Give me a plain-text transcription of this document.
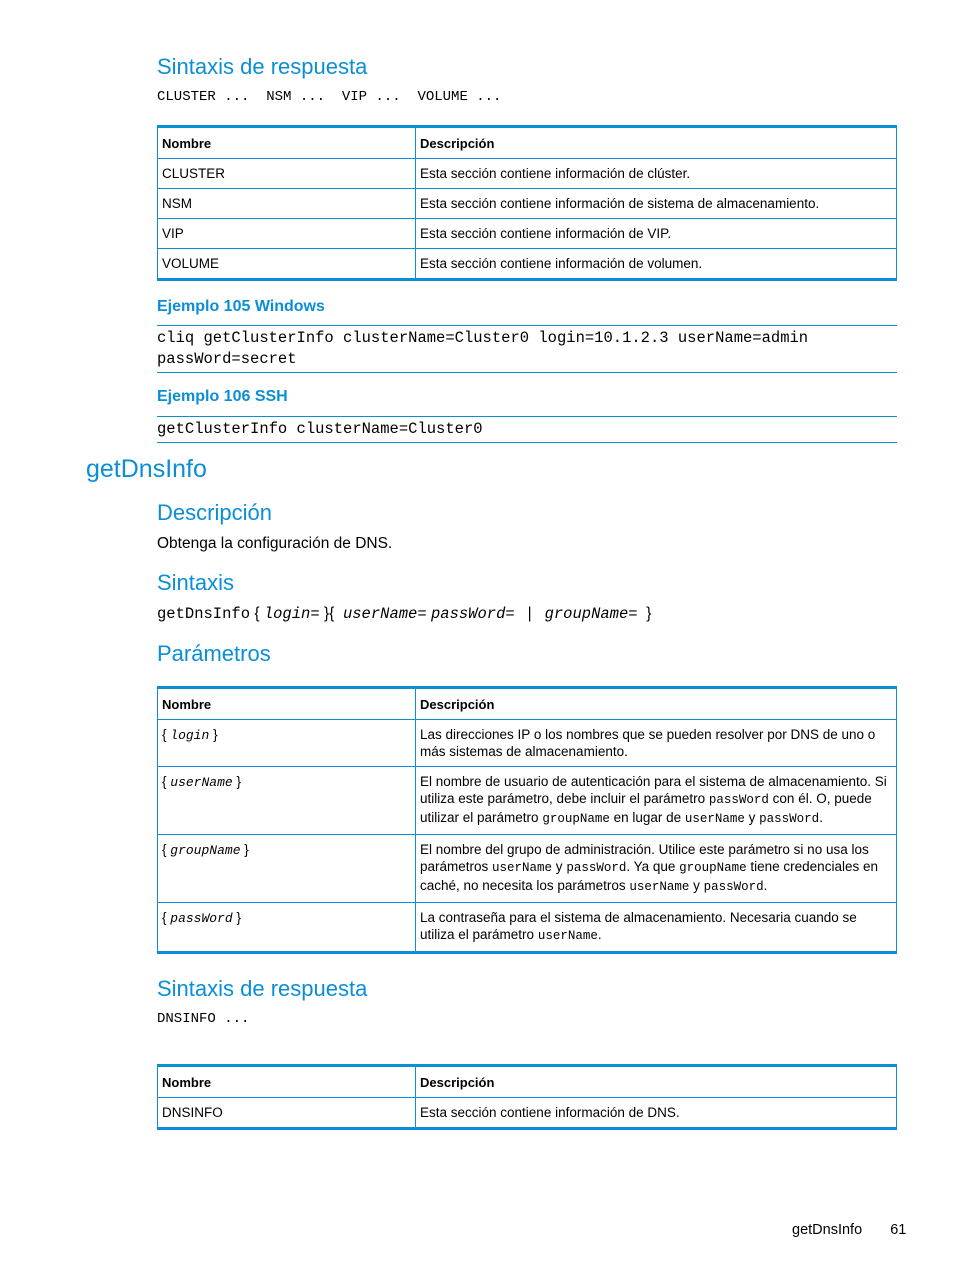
Sintaxis de respuesta
CLUSTER ...  NSM ...  VIP ...  VOLUME ...
Nombre	Descripción
CLUSTER	Esta sección contiene información de clúster.
NSM	Esta sección contiene información de sistema de almacenamiento.
VIP	Esta sección contiene información de VIP.
VOLUME	Esta sección contiene información de volumen.
Ejemplo 105 Windows
cliq getClusterInfo clusterName=Cluster0 login=10.1.2.3 userName=admin
passWord=secret
Ejemplo 106 SSH
getClusterInfo clusterName=Cluster0
getDnsInfo
Descripción
Obtenga la configuración de DNS.
Sintaxis
getDnsInfo { login= }{ userName= passWord= | groupName= }
Parámetros
Nombre	Descripción
{ login }	Las direcciones IP o los nombres que se pueden resolver por DNS de uno o más sistemas de almacenamiento.
{ userName }	El nombre de usuario de autenticación para el sistema de almacenamiento. Si utiliza este parámetro, debe incluir el parámetro passWord con él. O, puede utilizar el parámetro groupName en lugar de userName y passWord.
{ groupName }	El nombre del grupo de administración. Utilice este parámetro si no usa los parámetros userName y passWord. Ya que groupName tiene credenciales en caché, no necesita los parámetros userName y passWord.
{ passWord }	La contraseña para el sistema de almacenamiento. Necesaria cuando se utiliza el parámetro userName.
Sintaxis de respuesta
DNSINFO ...
Nombre	Descripción
DNSINFO	Esta sección contiene información de DNS.
getDnsInfo 61
